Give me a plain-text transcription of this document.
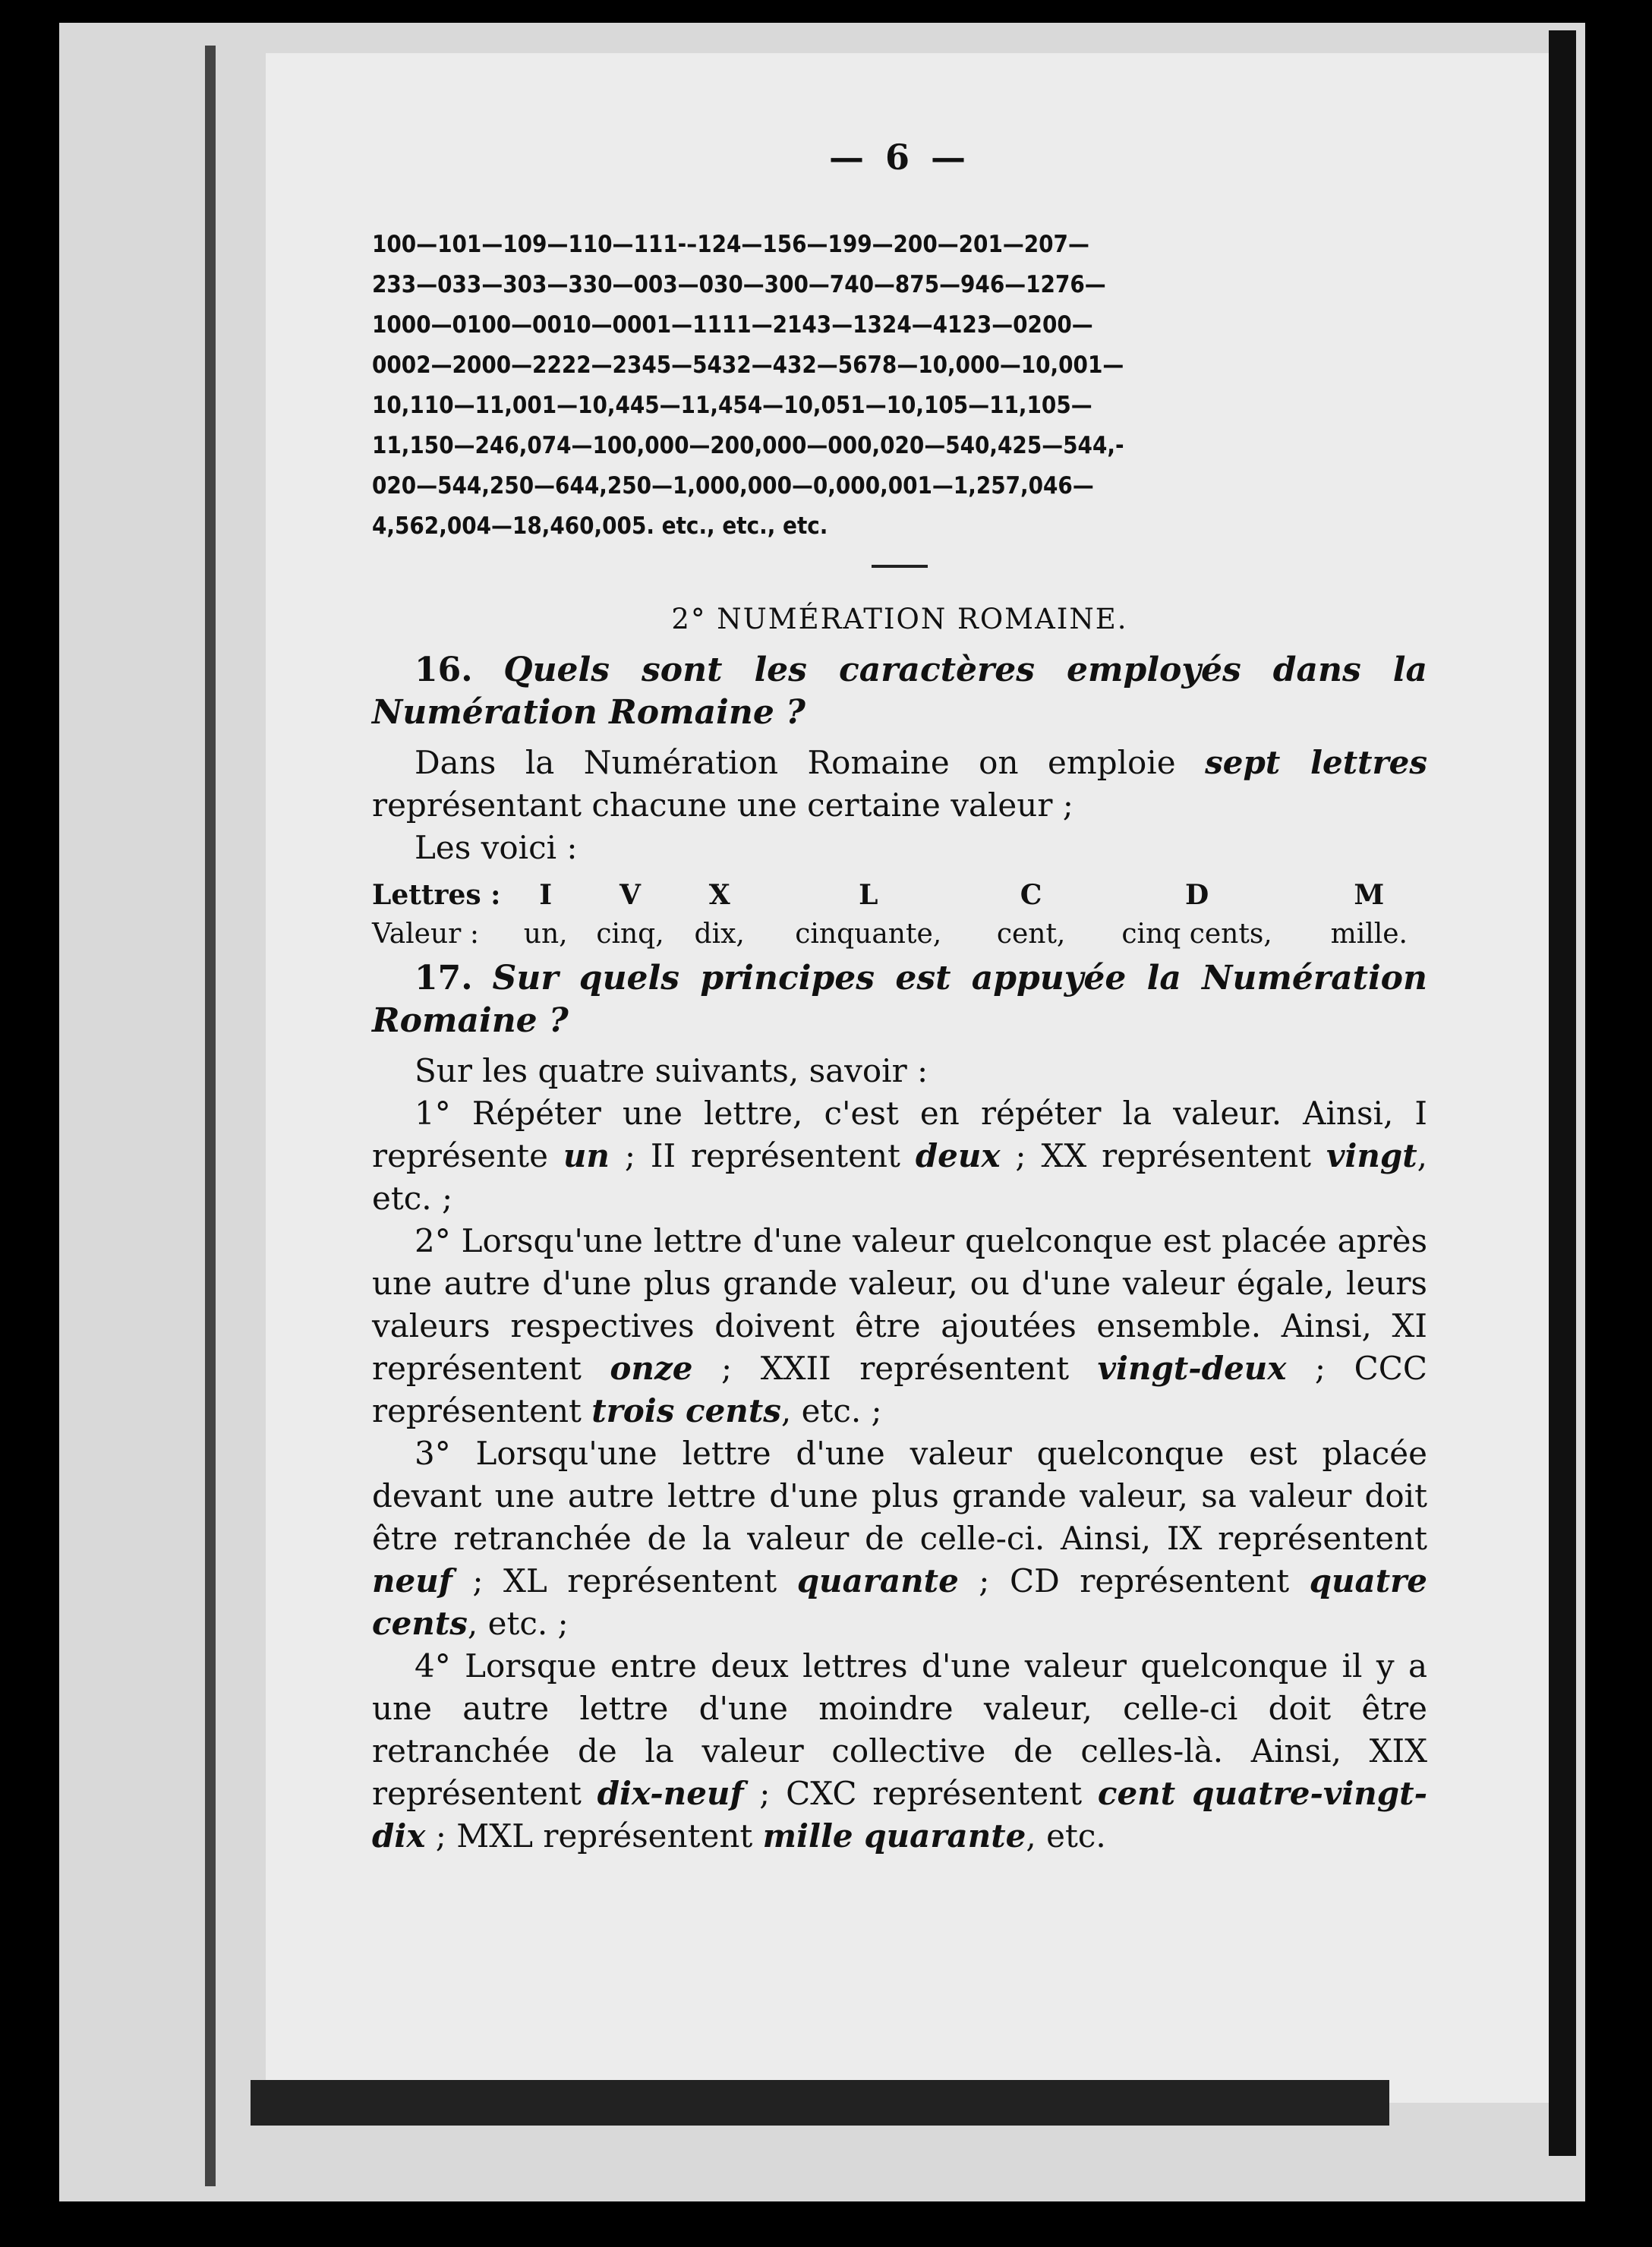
— 6 —
100—101—109—110—111-–124—156—199—200—201—207—
233—033—303—330—003—030—300—740—875—946—1276—
1000—0100—0010—0001—1111—2143—1324—4123—0200—
0002—2000—2222—2345—5432—432—5678—10,000—10,001—
10,110—11,001—10,445—11,454—10,051—10,105—11,105—
11,150—246,074—100,000—200,000—000,020—540,425—544,-
020—544,250—644,250—1,000,000—0,000,001—1,257,046—
4,562,004—18,460,005. etc., etc., etc.
2° NUMÉRATION ROMAINE.

16. Quels sont les caractères employés dans la Numération Romaine ?

Dans la Numération Romaine on emploie sept lettres représentant chacune une certaine valeur ;

Les voici :

Lettres :	I	V	X	L	C	D	M
Valeur :	un,	cinq,	dix,	cinquante,	cent,	cinq cents,	mille.

17. Sur quels principes est appuyée la Numération Romaine ?

Sur les quatre suivants, savoir :

1° Répéter une lettre, c'est en répéter la valeur. Ainsi, I représente un ; II représentent deux ; XX représentent vingt, etc. ;

2° Lorsqu'une lettre d'une valeur quelconque est placée après une autre d'une plus grande valeur, ou d'une valeur égale, leurs valeurs respectives doivent être ajoutées ensemble. Ainsi, XI représentent onze ; XXII représentent vingt-deux ; CCC représentent trois cents, etc. ;

3° Lorsqu'une lettre d'une valeur quelconque est placée devant une autre lettre d'une plus grande valeur, sa valeur doit être retranchée de la valeur de celle-ci. Ainsi, IX représentent neuf ; XL représentent quarante ; CD représentent quatre cents, etc. ;

4° Lorsque entre deux lettres d'une valeur quelconque il y a une autre lettre d'une moindre valeur, celle-ci doit être retranchée de la valeur collective de celles-là. Ainsi, XIX représentent dix-neuf ; CXC représentent cent quatre-vingt-dix ; MXL représentent mille quarante, etc.
